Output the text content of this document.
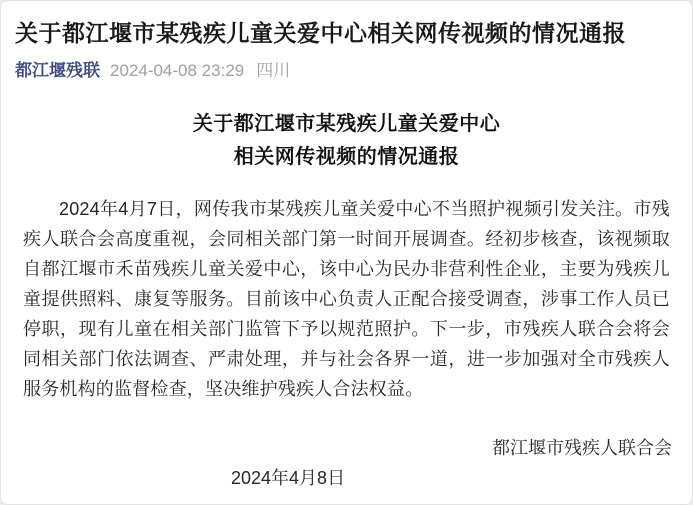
关于都江堰市某残疾儿童关爱中心相关网传视频的情况通报
都江堰残联 2024-04-08 23:29 四川
关于都江堰市某残疾儿童关爱中心
相关网传视频的情况通报

2024年4月7日，网传我市某残疾儿童关爱中心不当照护视频引发关注。市残疾人联合会高度重视，会同相关部门第一时间开展调查。经初步核查，该视频取自都江堰市禾苗残疾儿童关爱中心，该中心为民办非营利性企业，主要为残疾儿童提供照料、康复等服务。目前该中心负责人正配合接受调查，涉事工作人员已停职，现有儿童在相关部门监管下予以规范照护。下一步，市残疾人联合会将会同相关部门依法调查、严肃处理，并与社会各界一道，进一步加强对全市残疾人服务机构的监督检查，坚决维护残疾人合法权益。

都江堰市残疾人联合会
2024年4月8日
